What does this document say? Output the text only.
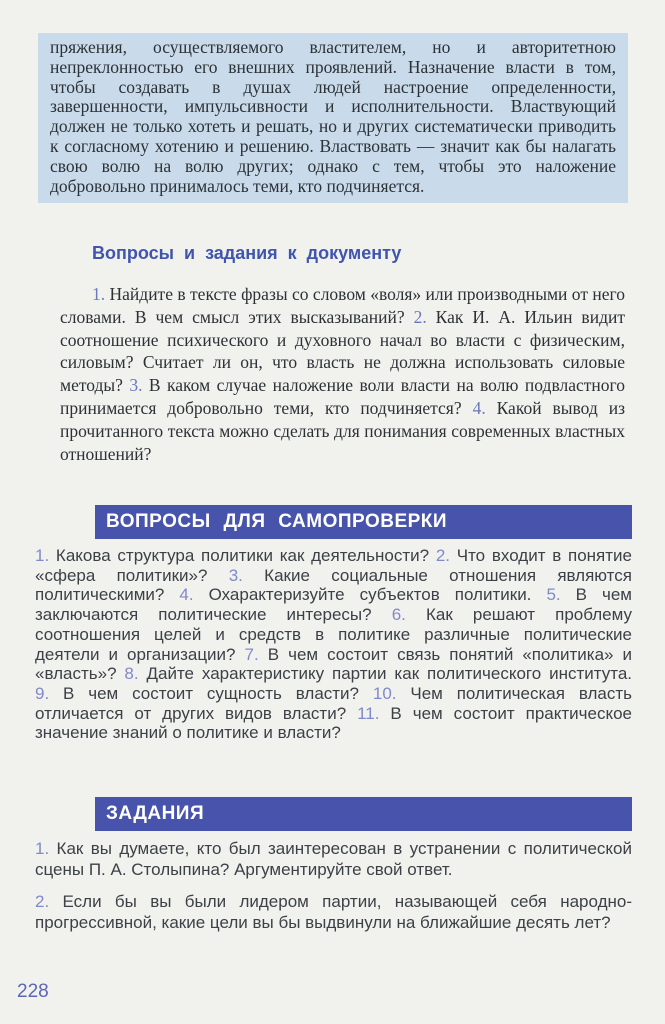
пряжения, осуществляемого властителем, но и авторитетною непреклонностью его внешних проявлений. Назначение власти в том, чтобы создавать в душах людей настроение определенности, завершенности, импульсивности и исполнительности. Властвующий должен не только хотеть и решать, но и других систематически приводить к согласному хотению и решению. Властвовать — значит как бы налагать свою волю на волю других; однако с тем, чтобы это наложение добровольно принималось теми, кто подчиняется.

Вопросы и задания к документу

1. Найдите в тексте фразы со словом «воля» или производными от него словами. В чем смысл этих высказываний? 2. Как И. А. Ильин видит соотношение психического и духовного начал во власти с физическим, силовым? Считает ли он, что власть не должна использовать силовые методы? 3. В каком случае наложение воли власти на волю подвластного принимается добровольно теми, кто подчиняется? 4. Какой вывод из прочитанного текста можно сделать для понимания современных властных отношений?

ВОПРОСЫ ДЛЯ САМОПРОВЕРКИ

1. Какова структура политики как деятельности? 2. Что входит в понятие «сфера политики»? 3. Какие социальные отношения являются политическими? 4. Охарактеризуйте субъектов политики. 5. В чем заключаются политические интересы? 6. Как решают проблему соотношения целей и средств в политике различные политические деятели и организации? 7. В чем состоит связь понятий «политика» и «власть»? 8. Дайте характеристику партии как политического института. 9. В чем состоит сущность власти? 10. Чем политическая власть отличается от других видов власти? 11. В чем состоит практическое значение знаний о политике и власти?

ЗАДАНИЯ
1. Как вы думаете, кто был заинтересован в устранении с политической сцены П. А. Столыпина? Аргументируйте свой ответ.
2. Если бы вы были лидером партии, называющей себя народно-прогрессивной, какие цели вы бы выдвинули на ближайшие десять лет?
228
